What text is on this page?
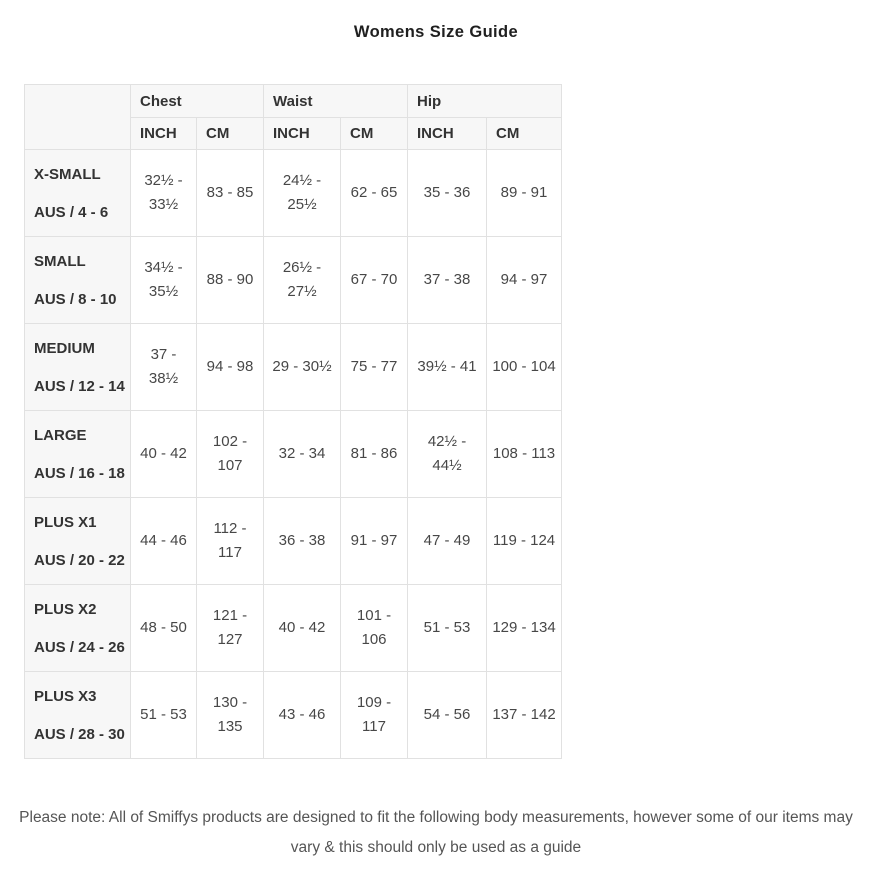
Womens Size Guide
	Chest		Waist		Hip	
	INCH	CM	INCH	CM	INCH	CM

X-SMALL
AUS / 4 - 6	32½ - 33½	83 - 85	24½ - 25½	62 - 65	35 - 36	89 - 91

SMALL
AUS / 8 - 10	34½ - 35½	88 - 90	26½ - 27½	67 - 70	37 - 38	94 - 97

MEDIUM
AUS / 12 - 14	37 - 38½	94 - 98	29 - 30½	75 - 77	39½ - 41	100 - 104

LARGE
AUS / 16 - 18	40 - 42	102 - 107	32 - 34	81 - 86	42½ - 44½	108 - 113

PLUS X1
AUS / 20 - 22	44 - 46	112 - 117	36 - 38	91 - 97	47 - 49	119 - 124

PLUS X2
AUS / 24 - 26	48 - 50	121 - 127	40 - 42	101 - 106	51 - 53	129 - 134

PLUS X3
AUS / 28 - 30	51 - 53	130 - 135	43 - 46	109 - 117	54 - 56	137 - 142
Please note: All of Smiffys products are designed to fit the following body measurements, however some of our items may vary & this should only be used as a guide
